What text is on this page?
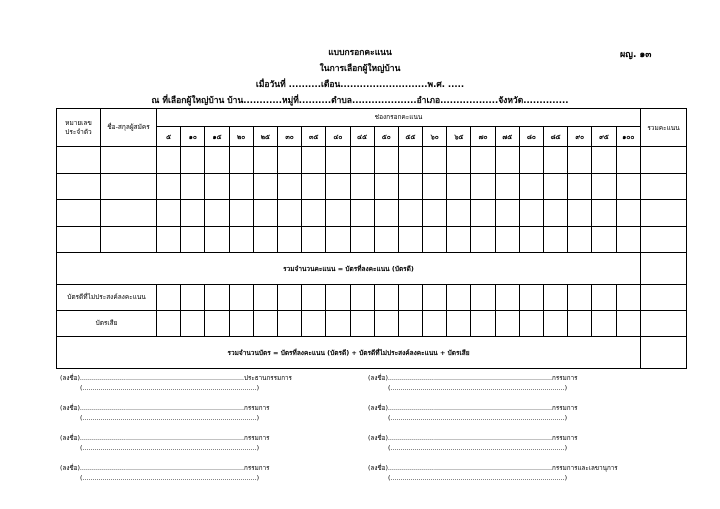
แบบกรอกคะแนน
ในการเลือกผู้ใหญ่บ้าน
เมื่อวันที่ ..........เดือน...........................พ.ศ. .....
ณ ที่เลือกผู้ใหญ่บ้าน บ้าน............หมู่ที่..........ตำบล....................อำเภอ..................จังหวัด..............
ผญ. ๑๓
หมายเลขประจำตัว	ชื่อ-สกุลผู้สมัคร	ช่องกรอกคะแนน																				รวมคะแนน
		๕	๑๐	๑๕	๒๐	๒๕	๓๐	๓๕	๔๐	๔๕	๕๐	๕๕	๖๐	๖๕	๗๐	๗๕	๘๐	๘๕	๙๐	๙๕	๑๐๐	

รวมจำนวนคะแนน = บัตรที่ลงคะแนน (บัตรดี)																						
บัตรดีที่ไม่ประสงค์ลงคะแนน																						
บัตรเสีย																						
รวมจำนวนบัตร = บัตรที่ลงคะแนน (บัตรดี) + บัตรดีที่ไม่ประสงค์ลงคะแนน + บัตรเสีย																						
(ลงชื่อ)..................................................................................ประธานกรรมการ
(.......................................................................................)
(ลงชื่อ)..................................................................................กรรมการ
(.......................................................................................)
(ลงชื่อ)..................................................................................กรรมการ
(.......................................................................................)
(ลงชื่อ)..................................................................................กรรมการ
(.......................................................................................)
(ลงชื่อ)..................................................................................กรรมการ
(.......................................................................................)
(ลงชื่อ)..................................................................................กรรมการ
(.......................................................................................)
(ลงชื่อ)..................................................................................กรรมการ
(.......................................................................................)
(ลงชื่อ)..................................................................................กรรมการและเลขานุการ
(.......................................................................................)
